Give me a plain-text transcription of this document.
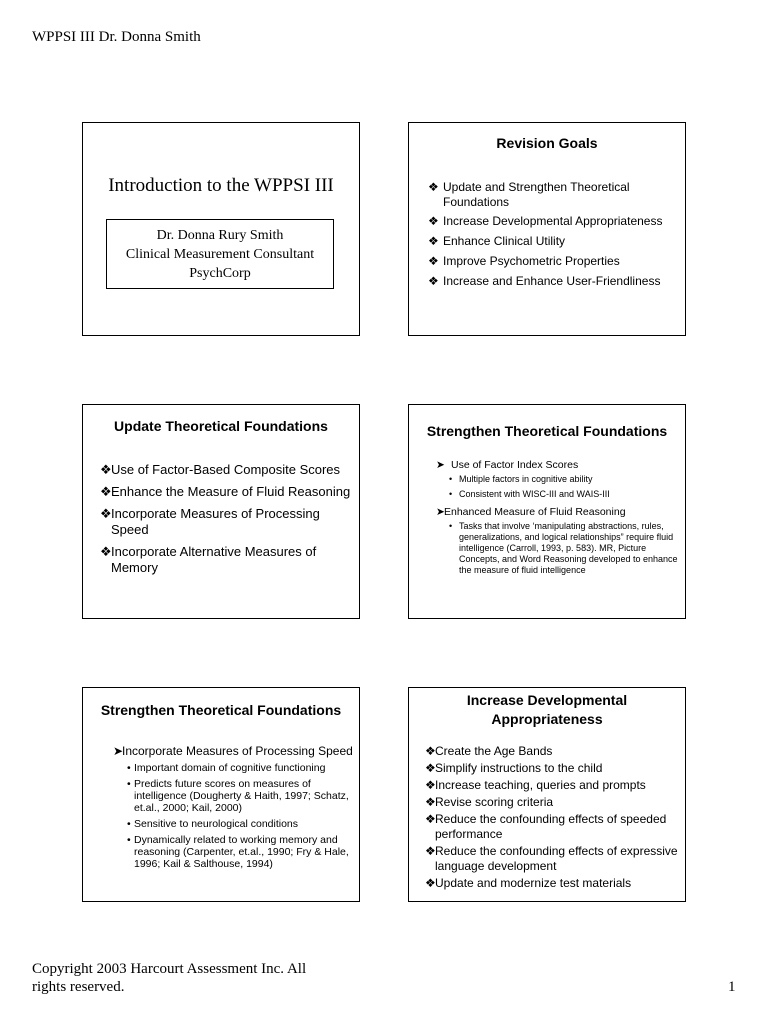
WPPSI III Dr. Donna Smith
Introduction to the WPPSI III
Dr. Donna Rury Smith
Clinical Measurement Consultant
PsychCorp
Revision Goals
❖ Update and Strengthen Theoretical Foundations
❖ Increase Developmental Appropriateness
❖ Enhance Clinical Utility
❖ Improve Psychometric Properties
❖ Increase and Enhance User-Friendliness
Update Theoretical Foundations
❖ Use of Factor-Based Composite Scores
❖ Enhance the Measure of Fluid Reasoning
❖ Incorporate Measures of Processing Speed
❖ Incorporate Alternative Measures of Memory
Strengthen Theoretical Foundations
➤ Use of Factor Index Scores
• Multiple factors in cognitive ability
• Consistent with WISC-III and WAIS-III
➤ Enhanced Measure of Fluid Reasoning
• Tasks that involve ‘manipulating abstractions, rules, generalizations, and logical relationships” require fluid intelligence (Carroll, 1993, p. 583). MR, Picture Concepts, and Word Reasoning developed to enhance the measure of fluid intelligence
Strengthen Theoretical Foundations
➤
Incorporate Measures of Processing Speed
• Important domain of cognitive functioning
• Predicts future scores on measures of intelligence (Dougherty & Haith, 1997; Schatz, et.al., 2000; Kail, 2000)
• Sensitive to neurological conditions
• Dynamically related to working memory and reasoning (Carpenter, et.al., 1990; Fry & Hale, 1996; Kail & Salthouse, 1994)
Increase Developmental
Appropriateness
❖ Create the Age Bands
❖ Simplify instructions to the child
❖ Increase teaching, queries and prompts
❖ Revise scoring criteria
❖ Reduce the confounding effects of speeded performance
❖ Reduce the confounding effects of expressive language development
❖ Update and modernize test materials
Copyright 2003 Harcourt Assessment Inc. All rights reserved.	1
